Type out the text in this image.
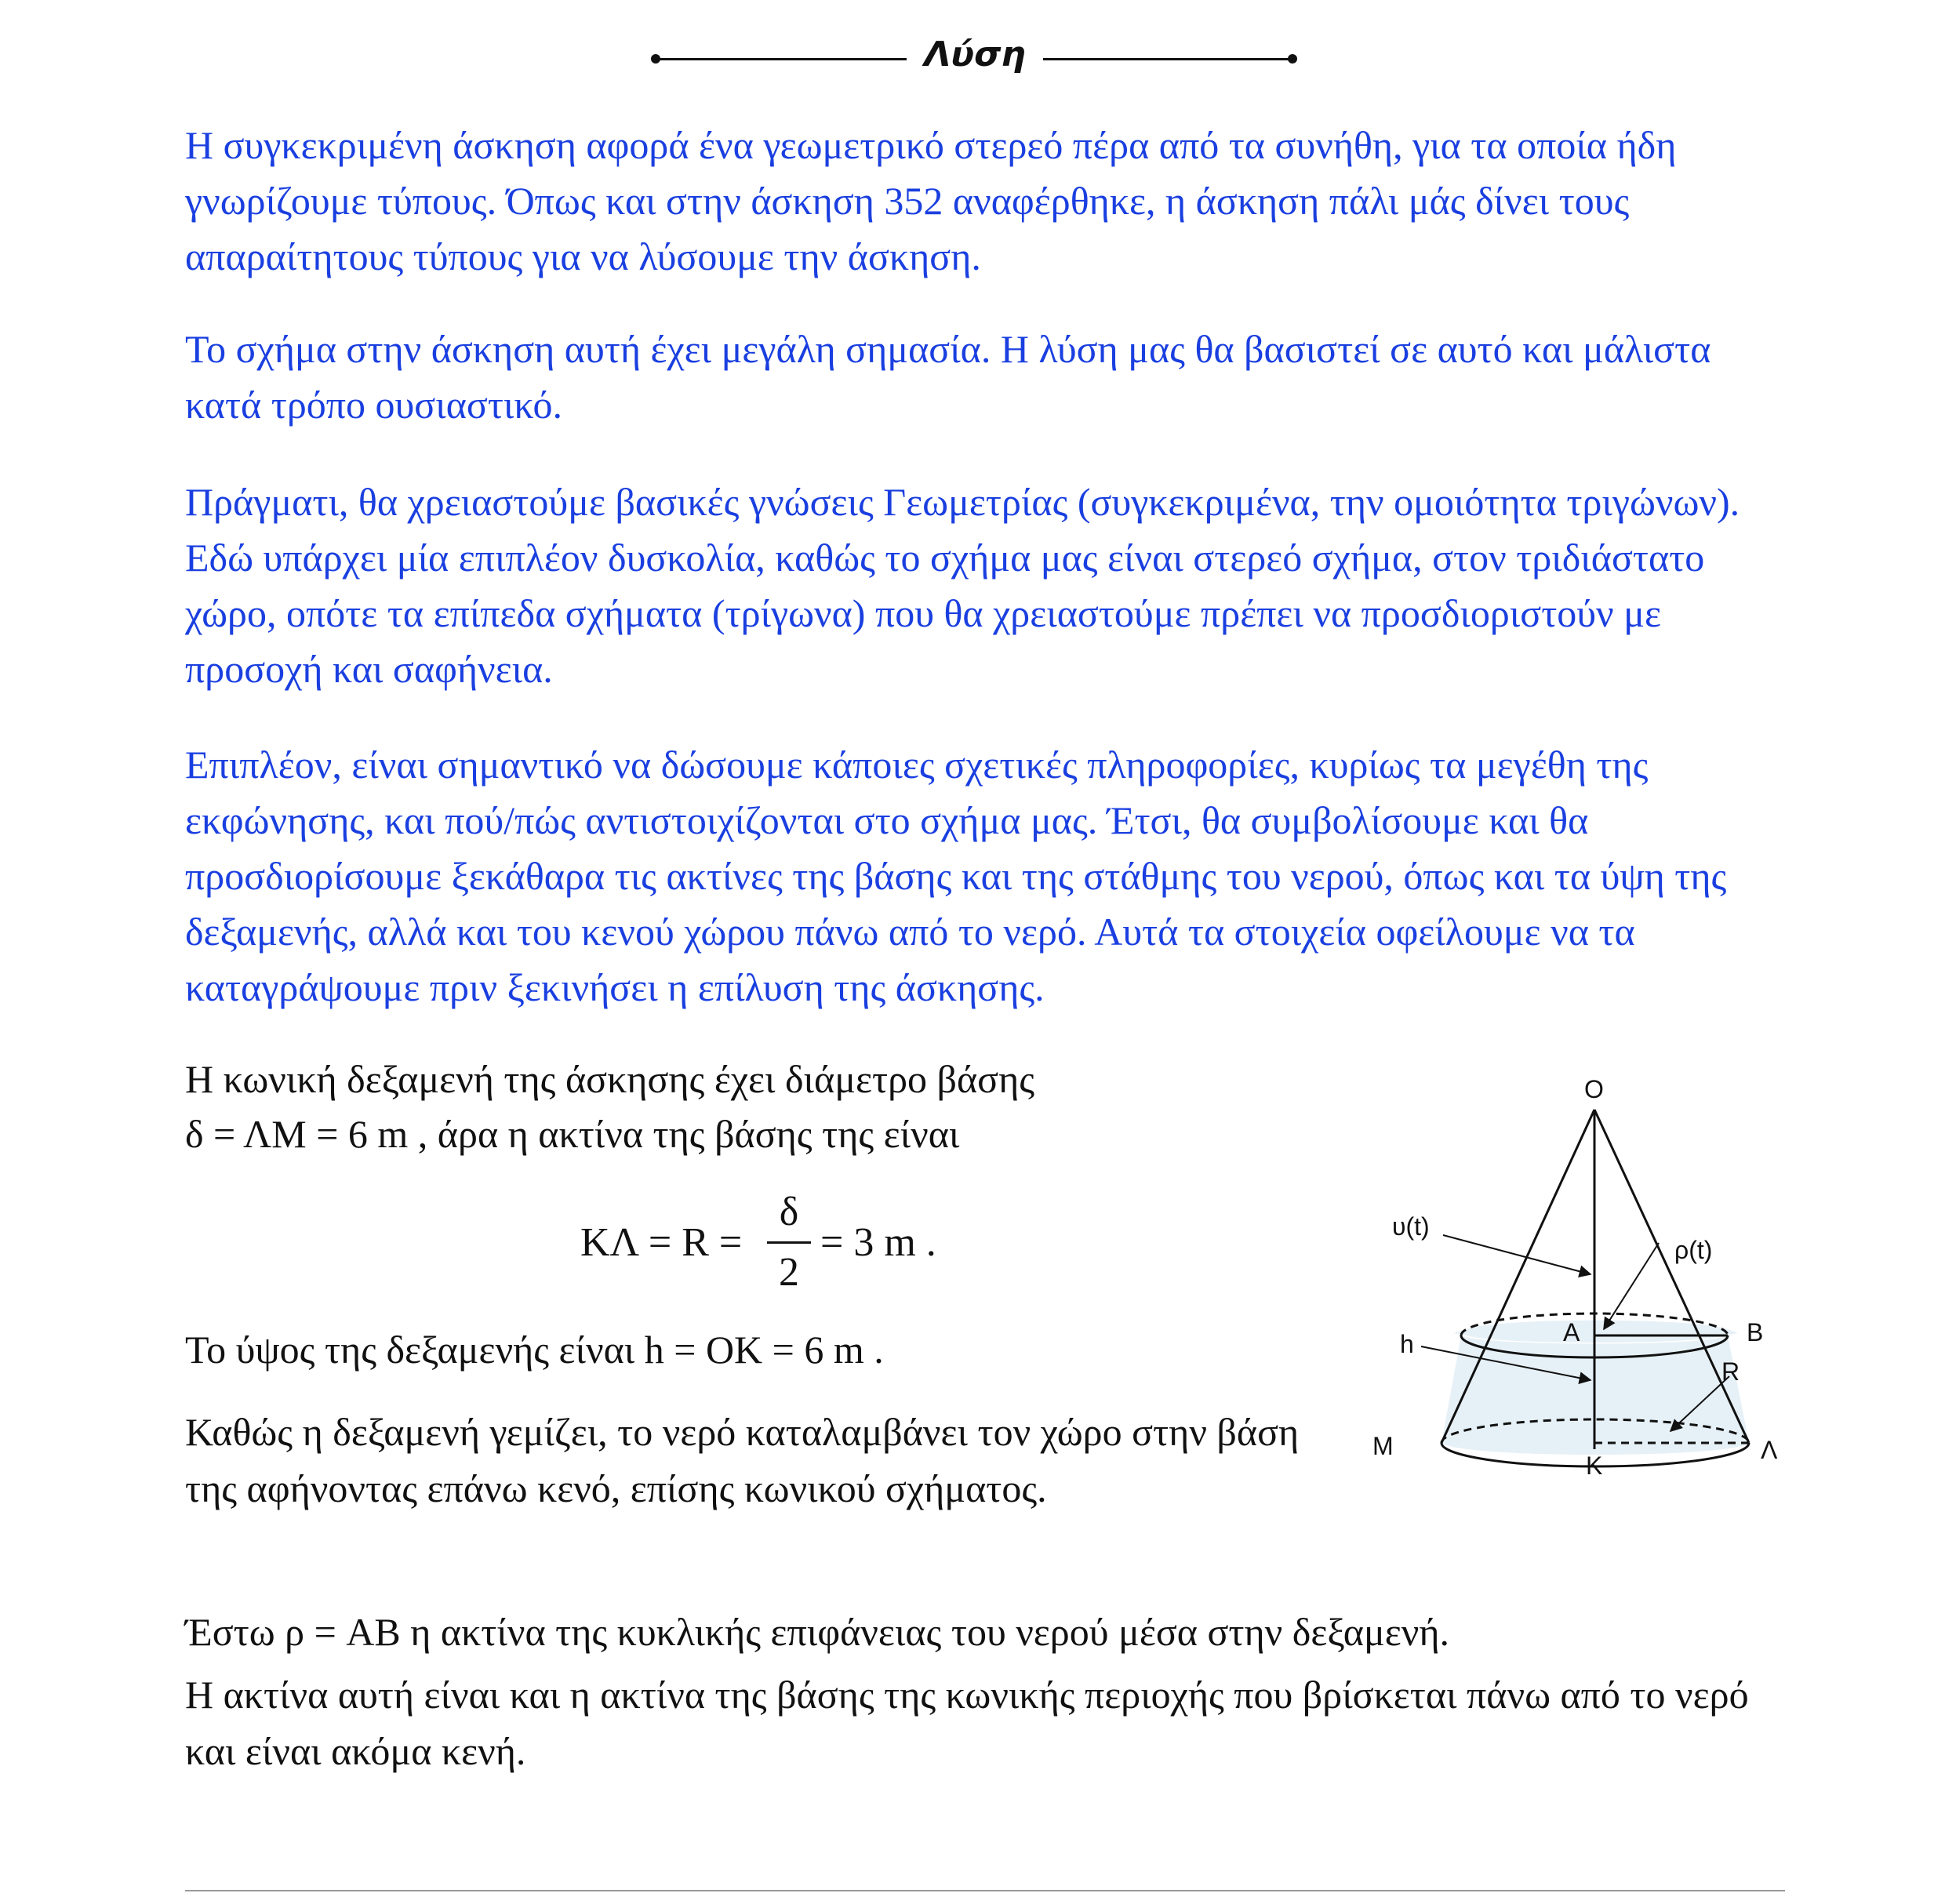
Λύση

Η συγκεκριμένη άσκηση αφορά ένα γεωμετρικό στερεό πέρα από τα συνήθη, για τα οποία ήδη γνωρίζουμε τύπους. Όπως και στην άσκηση 352 αναφέρθηκε, η άσκηση πάλι μάς δίνει τους απαραίτητους τύπους για να λύσουμε την άσκηση.

Το σχήμα στην άσκηση αυτή έχει μεγάλη σημασία. Η λύση μας θα βασιστεί σε αυτό και μάλιστα κατά τρόπο ουσιαστικό.

Πράγματι, θα χρειαστούμε βασικές γνώσεις Γεωμετρίας (συγκεκριμένα, την ομοιότητα τριγώνων). Εδώ υπάρχει μία επιπλέον δυσκολία, καθώς το σχήμα μας είναι στερεό σχήμα, στον τριδιάστατο χώρο, οπότε τα επίπεδα σχήματα (τρίγωνα) που θα χρειαστούμε πρέπει να προσδιοριστούν με προσοχή και σαφήνεια.

Επιπλέον, είναι σημαντικό να δώσουμε κάποιες σχετικές πληροφορίες, κυρίως τα μεγέθη της εκφώνησης, και πού/πώς αντιστοιχίζονται στο σχήμα μας. Έτσι, θα συμβολίσουμε και θα προσδιορίσουμε ξεκάθαρα τις ακτίνες της βάσης και της στάθμης του νερού, όπως και τα ύψη της δεξαμενής, αλλά και του κενού χώρου πάνω από το νερό. Αυτά τα στοιχεία οφείλουμε να τα καταγράψουμε πριν ξεκινήσει η επίλυση της άσκησης.

Η κωνική δεξαμενή της άσκησης έχει διάμετρο βάσης

δ = ΛΜ = 6 m , άρα η ακτίνα της βάσης της είναι

ΚΛ = R =
δ
2
= 3 m .

Το ύψος της δεξαμενής είναι h = OK = 6 m .

Καθώς η δεξαμενή γεμίζει, το νερό καταλαμβάνει τον χώρο στην βάση της αφήνοντας επάνω κενό, επίσης κωνικού σχήματος.

Έστω ρ = AB η ακτίνα της κυκλικής επιφάνειας του νερού μέσα στην δεξαμενή.

Η ακτίνα αυτή είναι και η ακτίνα της βάσης της κωνικής περιοχής που βρίσκεται πάνω από το νερό και είναι ακόμα κενή.

O
υ(t)
ρ(t)
A	B
h
R
M
K
Λ
